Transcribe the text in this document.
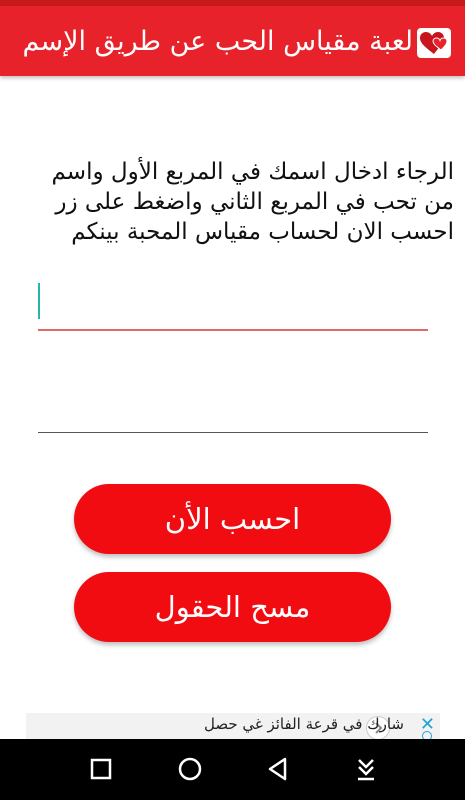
لعبة مقياس الحب عن طريق الإسم
الرجاء ادخال اسمك في المربع الأول واسم من تحب في المربع الثاني واضغط على زر احسب الان لحساب مقياس المحبة بينكم
احسب الأن
مسح الحقول
شارك في قرعة الفائز غي حصل ✕
